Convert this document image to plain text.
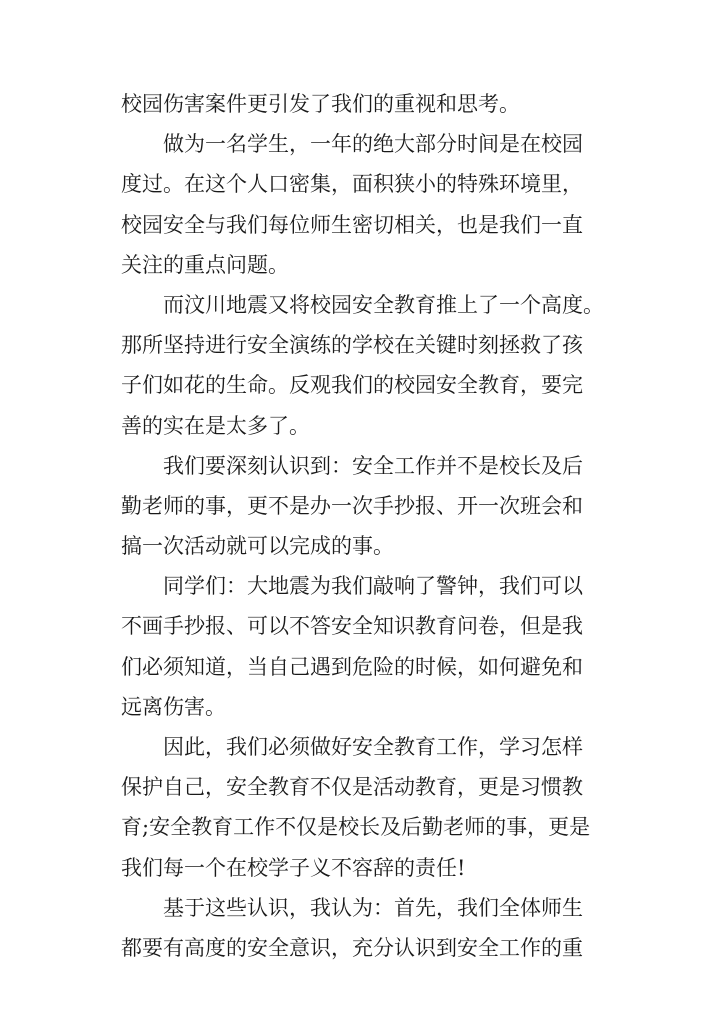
校园伤害案件更引发了我们的重视和思考。
做为一名学生，一年的绝大部分时间是在校园
度过。在这个人口密集，面积狭小的特殊环境里，
校园安全与我们每位师生密切相关，也是我们一直
关注的重点问题。
而汶川地震又将校园安全教育推上了一个高度。
那所坚持进行安全演练的学校在关键时刻拯救了孩
子们如花的生命。反观我们的校园安全教育，要完
善的实在是太多了。
我们要深刻认识到：安全工作并不是校长及后
勤老师的事，更不是办一次手抄报、开一次班会和
搞一次活动就可以完成的事。
同学们：大地震为我们敲响了警钟，我们可以
不画手抄报、可以不答安全知识教育问卷，但是我
们必须知道，当自己遇到危险的时候，如何避免和
远离伤害。
因此，我们必须做好安全教育工作，学习怎样
保护自己，安全教育不仅是活动教育，更是习惯教
育;安全教育工作不仅是校长及后勤老师的事，更是
我们每一个在校学子义不容辞的责任!
基于这些认识，我认为：首先，我们全体师生
都要有高度的安全意识，充分认识到安全工作的重
